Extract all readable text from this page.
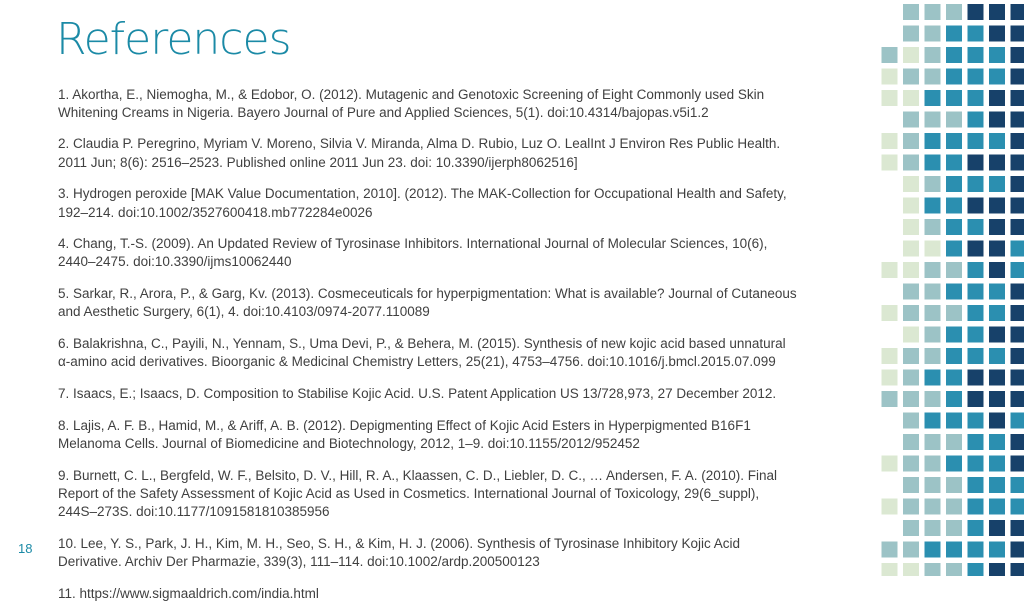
References

1. Akortha, E., Niemogha, M., & Edobor, O. (2012). Mutagenic and Genotoxic Screening of Eight Commonly used Skin Whitening Creams in Nigeria. Bayero Journal of Pure and Applied Sciences, 5(1). doi:10.4314/bajopas.v5i1.2

2. Claudia P. Peregrino, Myriam V. Moreno, Silvia V. Miranda, Alma D. Rubio, Luz O. LealInt J Environ Res Public Health. 2011 Jun; 8(6): 2516–2523. Published online 2011 Jun 23. doi: 10.3390/ijerph8062516]

3. Hydrogen peroxide [MAK Value Documentation, 2010]. (2012). The MAK-Collection for Occupational Health and Safety, 192–214. doi:10.1002/3527600418.mb772284e0026

4. Chang, T.-S. (2009). An Updated Review of Tyrosinase Inhibitors. International Journal of Molecular Sciences, 10(6), 2440–2475. doi:10.3390/ijms10062440

5. Sarkar, R., Arora, P., & Garg, Kv. (2013). Cosmeceuticals for hyperpigmentation: What is available? Journal of Cutaneous and Aesthetic Surgery, 6(1), 4. doi:10.4103/0974-2077.110089

6. Balakrishna, C., Payili, N., Yennam, S., Uma Devi, P., & Behera, M. (2015). Synthesis of new kojic acid based unnatural α-amino acid derivatives. Bioorganic & Medicinal Chemistry Letters, 25(21), 4753–4756. doi:10.1016/j.bmcl.2015.07.099

7. Isaacs, E.; Isaacs, D. Composition to Stabilise Kojic Acid. U.S. Patent Application US 13/728,973, 27 December 2012.

8. Lajis, A. F. B., Hamid, M., & Ariff, A. B. (2012). Depigmenting Effect of Kojic Acid Esters in Hyperpigmented B16F1 Melanoma Cells. Journal of Biomedicine and Biotechnology, 2012, 1–9. doi:10.1155/2012/952452

9. Burnett, C. L., Bergfeld, W. F., Belsito, D. V., Hill, R. A., Klaassen, C. D., Liebler, D. C., … Andersen, F. A. (2010). Final Report of the Safety Assessment of Kojic Acid as Used in Cosmetics. International Journal of Toxicology, 29(6_suppl), 244S–273S. doi:10.1177/1091581810385956

10. Lee, Y. S., Park, J. H., Kim, M. H., Seo, S. H., & Kim, H. J. (2006). Synthesis of Tyrosinase Inhibitory Kojic Acid Derivative. Archiv Der Pharmazie, 339(3), 111–114. doi:10.1002/ardp.200500123

11. https://www.sigmaaldrich.com/india.html

18
